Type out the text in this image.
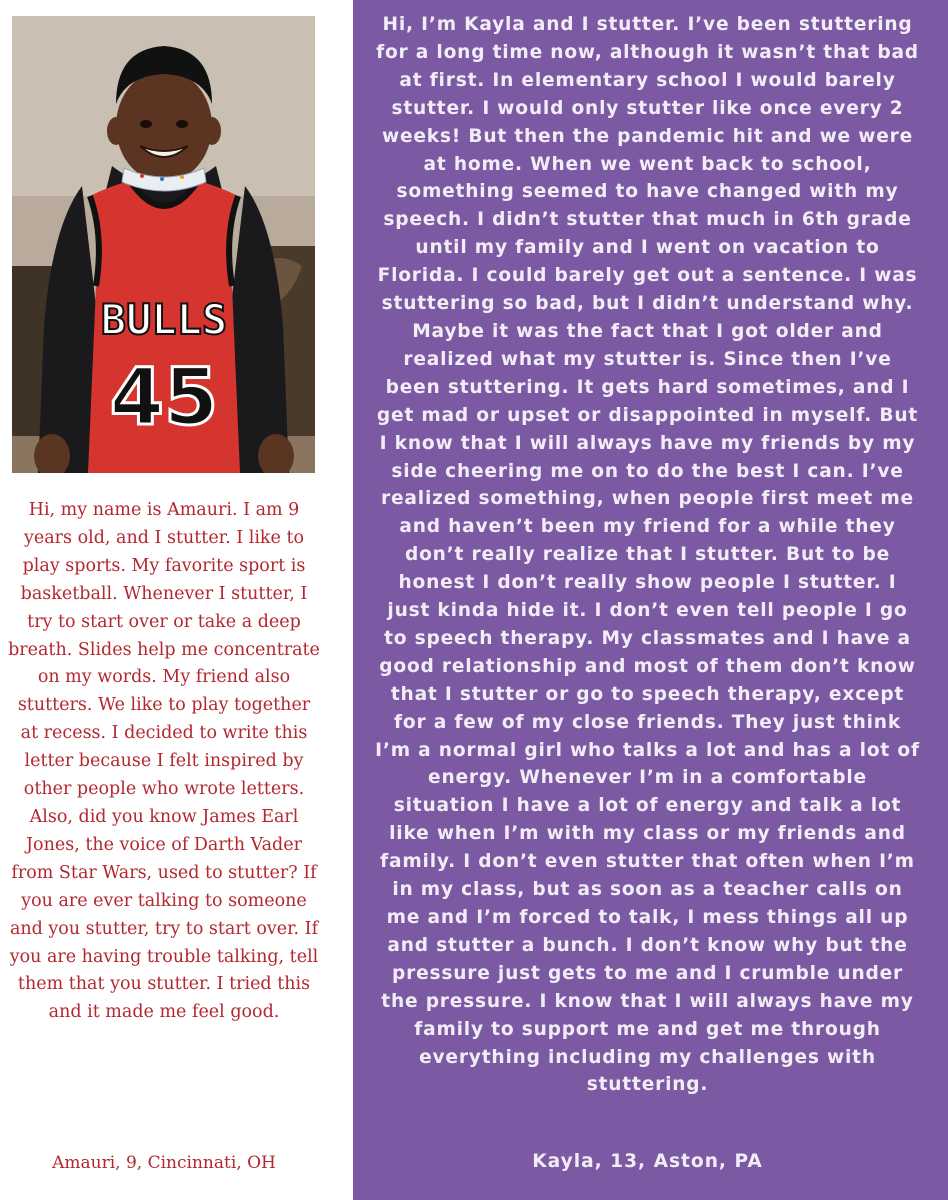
BULLS
45
Hi, my name is Amauri. I am 9 years old, and I stutter. I like to play sports. My favorite sport is basketball. Whenever I stutter, I try to start over or take a deep breath. Slides help me concentrate on my words. My friend also stutters. We like to play together at recess. I decided to write this letter because I felt inspired by other people who wrote letters. Also, did you know James Earl Jones, the voice of Darth Vader from Star Wars, used to stutter? If you are ever talking to someone and you stutter, try to start over. If you are having trouble talking, tell them that you stutter. I tried this and it made me feel good.
Amauri, 9, Cincinnati, OH
Hi, I’m Kayla and I stutter. I’ve been stuttering for a long time now, although it wasn’t that bad at first. In elementary school I would barely stutter. I would only stutter like once every 2 weeks! But then the pandemic hit and we were at home. When we went back to school, something seemed to have changed with my speech. I didn’t stutter that much in 6th grade until my family and I went on vacation to Florida. I could barely get out a sentence. I was stuttering so bad, but I didn’t understand why. Maybe it was the fact that I got older and realized what my stutter is. Since then I’ve been stuttering. It gets hard sometimes, and I get mad or upset or disappointed in myself. But I know that I will always have my friends by my side cheering me on to do the best I can. I’ve realized something, when people first meet me and haven’t been my friend for a while they don’t really realize that I stutter. But to be honest I don’t really show people I stutter. I just kinda hide it. I don’t even tell people I go to speech therapy. My classmates and I have a good relationship and most of them don’t know that I stutter or go to speech therapy, except for a few of my close friends. They just think I’m a normal girl who talks a lot and has a lot of energy. Whenever I’m in a comfortable situation I have a lot of energy and talk a lot like when I’m with my class or my friends and family. I don’t even stutter that often when I’m in my class, but as soon as a teacher calls on me and I’m forced to talk, I mess things all up and stutter a bunch. I don’t know why but the pressure just gets to me and I crumble under the pressure. I know that I will always have my family to support me and get me through everything including my challenges with stuttering.
Kayla, 13, Aston, PA
